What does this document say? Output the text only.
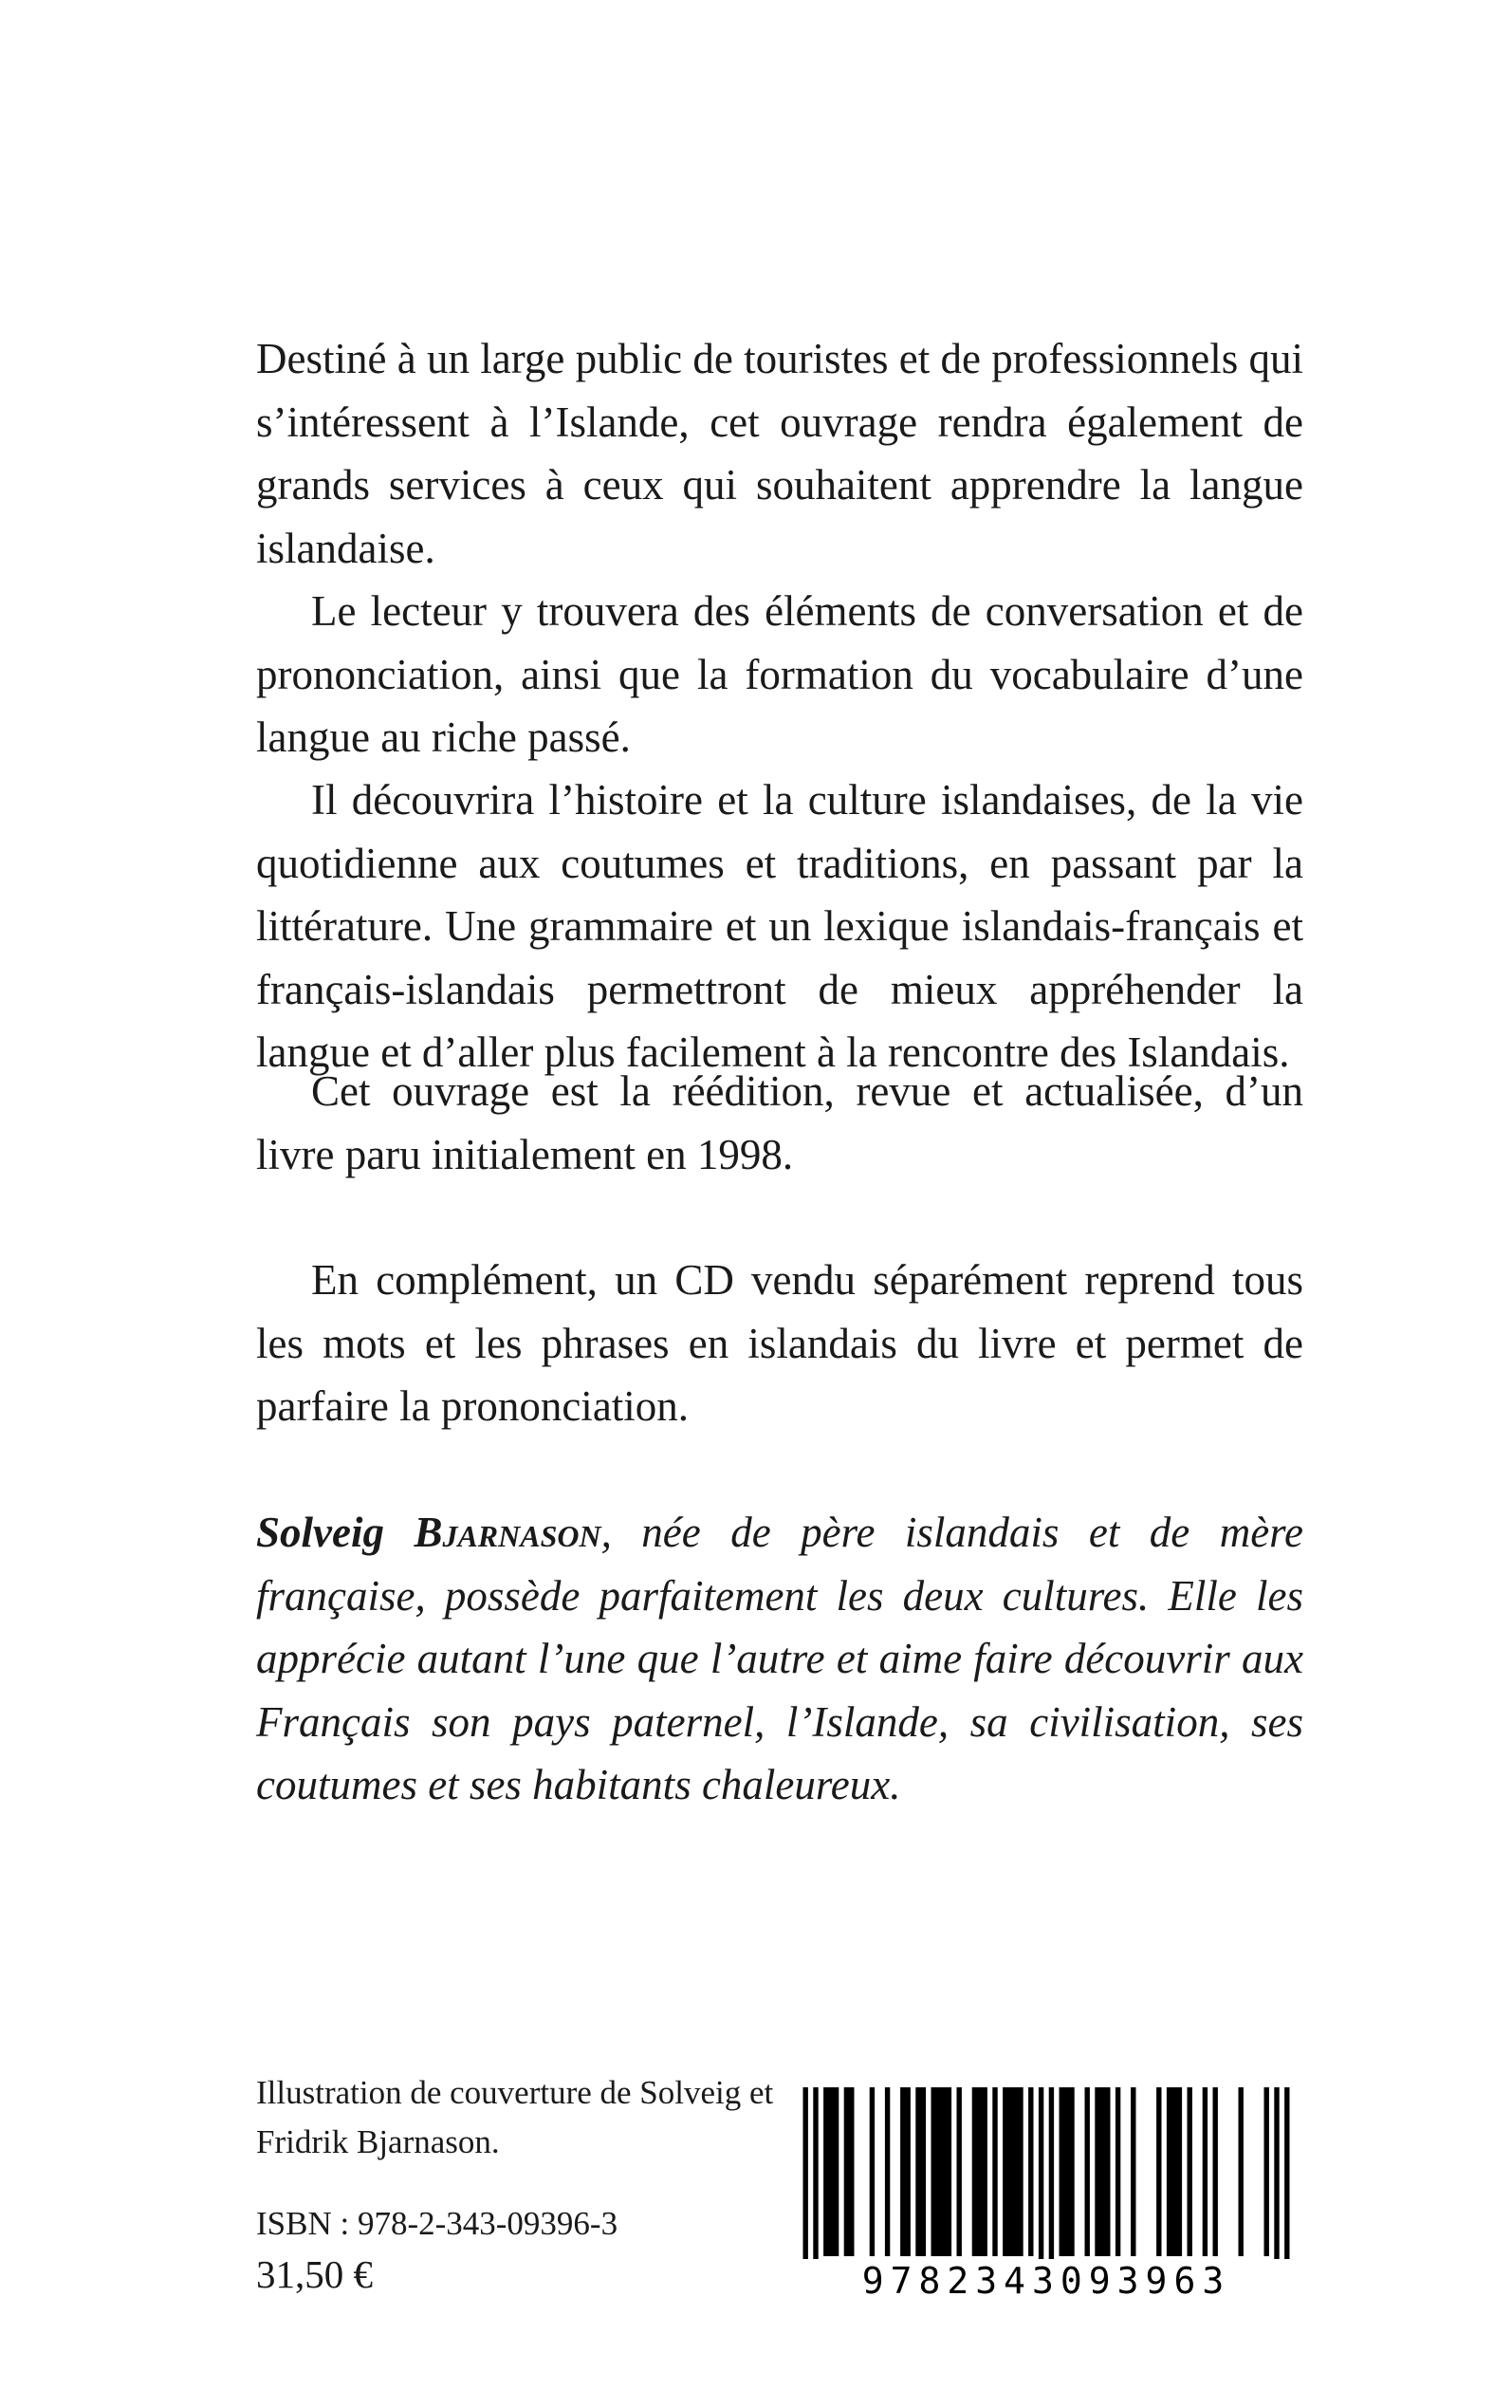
Destiné à un large public de touristes et de professionnels qui s’intéressent à l’Islande, cet ouvrage rendra également de grands services à ceux qui souhaitent apprendre la langue islandaise.

Le lecteur y trouvera des éléments de conversation et de prononciation, ainsi que la formation du vocabulaire d’une langue au riche passé.

Il découvrira l’histoire et la culture islandaises, de la vie quotidienne aux coutumes et traditions, en passant par la littérature. Une grammaire et un lexique islandais-français et français-islandais permettront de mieux appréhender la langue et d’aller plus facilement à la rencontre des Islandais.

Cet ouvrage est la réédition, revue et actualisée, d’un livre paru initialement en 1998.

En complément, un CD vendu séparément reprend tous les mots et les phrases en islandais du livre et permet de parfaire la prononciation.

Solveig Bjarnason, née de père islandais et de mère française, possède parfaitement les deux cultures. Elle les apprécie autant l’une que l’autre et aime faire découvrir aux Français son pays paternel, l’Islande, sa civilisation, ses coutumes et ses habitants chaleureux.

Illustration de couverture de Solveig et Fridrik Bjarnason.

ISBN : 978-2-343-09396-3

31,50 €	9782343093963
